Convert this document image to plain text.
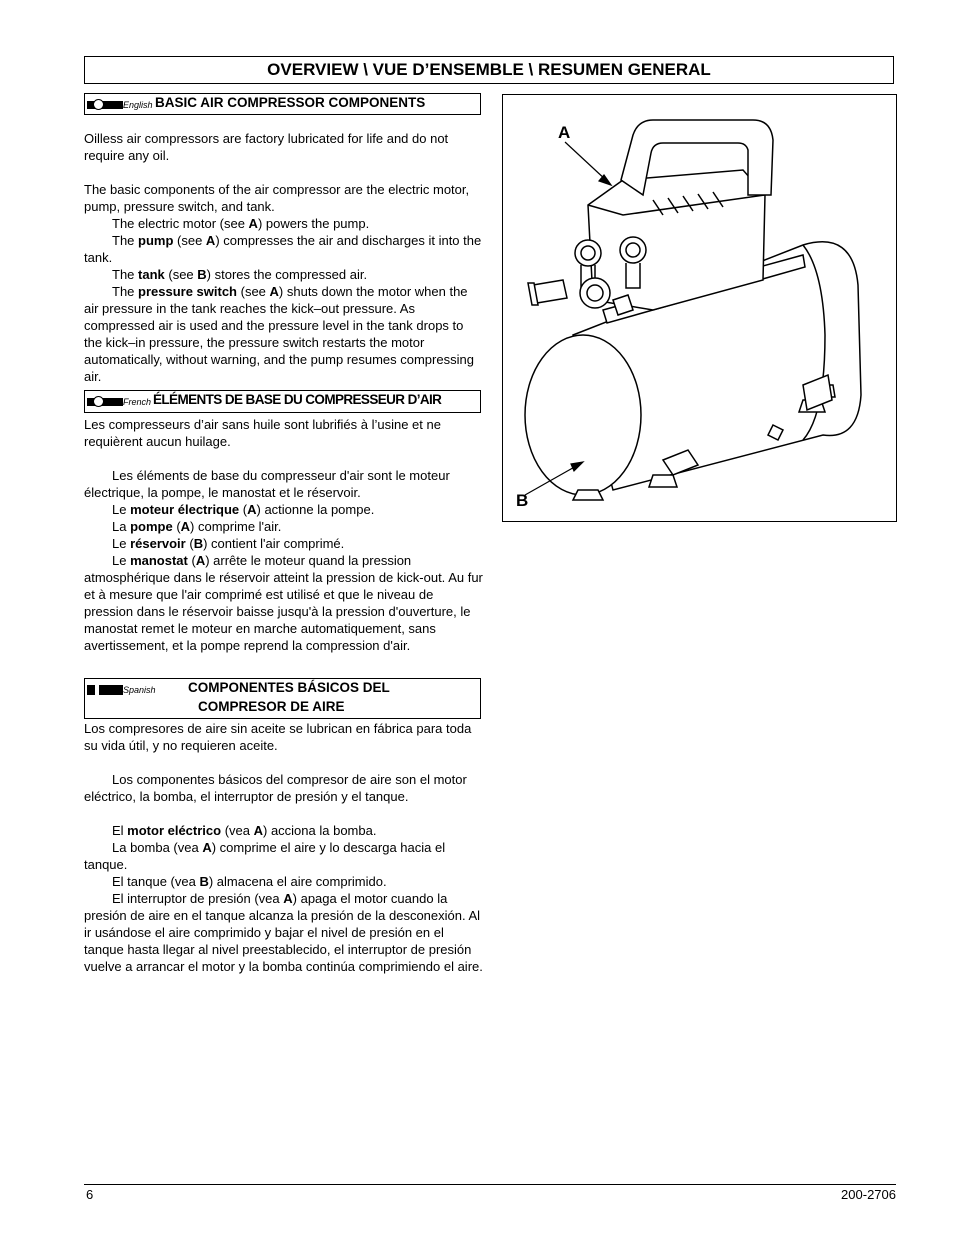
OVERVIEW \ VUE D’ENSEMBLE \ RESUMEN GENERAL
English BASIC AIR COMPRESSOR COMPONENTS

Oilless air compressors are factory lubricated for life and do not require any oil.

The basic components of the air compressor are the electric motor, pump, pressure switch, and tank.

The electric motor (see A) powers the pump.

The pump (see A) compresses the air and discharges it into the tank.

The tank (see B) stores the compressed air.

The pressure switch (see A) shuts down the motor when the air pressure in the tank reaches the kick–out pressure. As compressed air is used and the pressure level in the tank drops to the kick–in pressure, the pressure switch restarts the motor automatically, without warning, and the pump resumes compressing air.

French ÉLÉMENTS DE BASE DU COMPRESSEUR D’AIR

Les compresseurs d’air sans huile sont lubrifiés à l’usine et ne requièrent aucun huilage.

Les éléments de base du compresseur d'air sont le moteur électrique, la pompe, le manostat et le réservoir.

Le moteur électrique (A) actionne la pompe.

La pompe (A) comprime l'air.

Le réservoir (B) contient l'air comprimé.

Le manostat (A) arrête le moteur quand la pression atmosphérique dans le réservoir atteint la pression de kick-out. Au fur et à mesure que l'air comprimé est utilisé et que le niveau de pression dans le réservoir baisse jusqu'à la pression d'ouverture, le manostat remet le moteur en marche automatiquement, sans avertissement, et la pompe reprend la compression d'air.

Spanish COMPONENTES BÁSICOS DEL
COMPRESOR DE AIRE

Los compresores de aire sin aceite se lubrican en fábrica para toda su vida útil, y no requieren aceite.

Los componentes básicos del compresor de aire son el motor eléctrico, la bomba, el interruptor de presión y el tanque.

El motor eléctrico (vea A) acciona la bomba.

La bomba (vea A) comprime el aire y lo descarga hacia el tanque.

El tanque (vea B) almacena el aire comprimido.

El interruptor de presión (vea A) apaga el motor cuando la presión de aire en el tanque alcanza la presión de la desconexión. Al ir usándose el aire comprimido y bajar el nivel de presión en el tanque hasta llegar al nivel preestablecido, el interruptor de presión vuelve a arrancar el motor y la bomba continúa comprimiendo el aire.

A
B
6	200-2706
